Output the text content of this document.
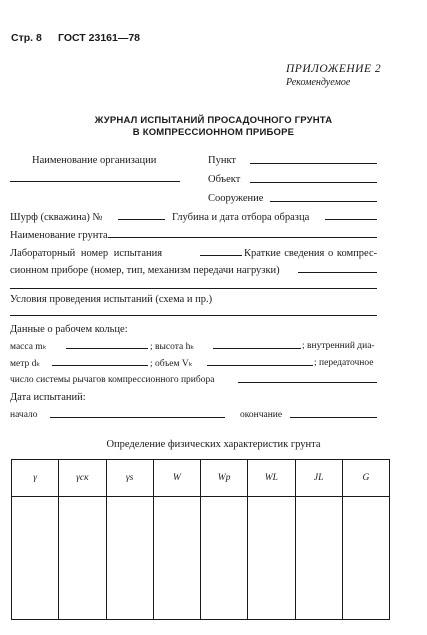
Стр. 8 ГОСТ 23161—78
ПРИЛОЖЕНИЕ 2
Рекомендуемое
ЖУРНАЛ ИСПЫТАНИЙ ПРОСАДОЧНОГО ГРУНТА
В КОМПРЕССИОННОМ ПРИБОРЕ
Наименование организации	Пункт
Объект
Сооружение
Шурф (скважина) №	Глубина и дата отбора образца
Наименование грунта
Лабораторный номер испытания	Краткие сведения о компрес-
сионном приборе (номер, тип, механизм передачи нагрузки)
Условия проведения испытаний (схема и пр.)
Данные о рабочем кольце:
масса mₖ	; высота hₖ	; внутренний диа-
метр dₖ	; объем Vₖ	; передаточное
число системы рычагов компрессионного прибора
Дата испытаний:
начало	окончание
Определение физических характеристик грунта
γ	γск	γs	W	Wр	WL	JL	G
